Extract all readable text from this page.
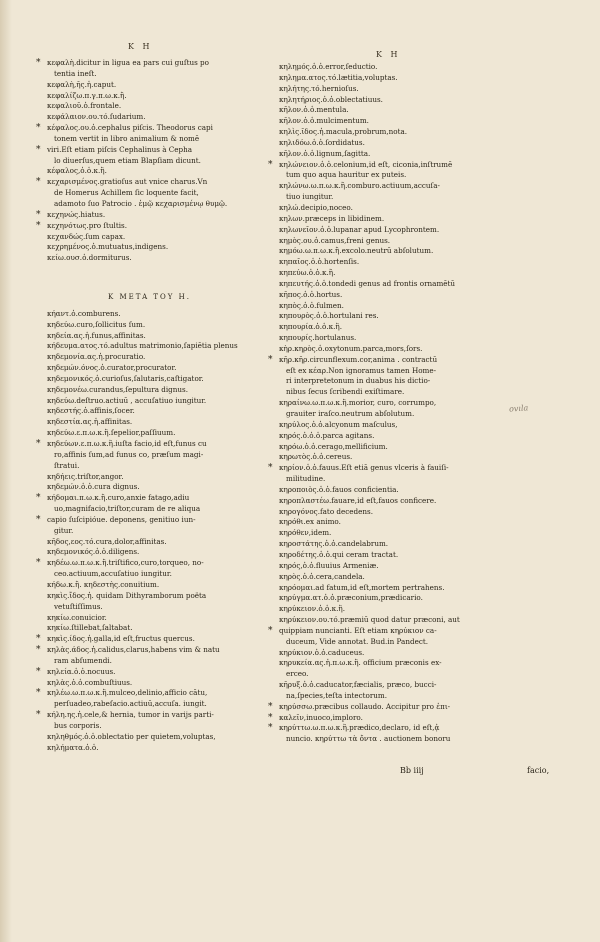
K H
K H
* κεφαλὴ.dicitur in ligua ea pars cui guſtus po
tentia ineſt.
κεφαλὴ,ῆς.ἡ.caput.
κεφαλίζω.π.γ.π.ω.κ.ἢ.
κεφαλιοῦ.ὁ.frontale.
κεφάλαιον.ου.τό.ſudarium.
* κέφαλος.ου.ὁ.cephalus piſcis. Theodorus capi
tonem vertit in libro animalium & nomē
* viri.Eſt etiam piſcis Cephalinus à Cepha
lo diuerſus,quem etiam Blapſiam dicunt.
κέφαλος,ὁ.ὁ.κ.ἢ.
* κεχαρισμένος.gratioſus aut vnice charus.Vn
de Homerus Achillem ſic loquente facit,
adamoto ſuo Patrocio . ἐμῷ κεχαρισμένῳ θυμῷ.
* κεχηνώς.hiatus.
* κεχηνότως.pro ſtultis.
κεχανδώς.ſum capax.
κεχρημένος.ὁ.mutuatus,indigens.
κείω.ουσ.ὁ.dormiturus.
K META TOY H.
κήαντ.ὁ.comburens.
κηδεύω.curo,ſollicitus ſum.
κηδεία.ας.ἡ.funus,affinitas.
κήδευμα.ατος.τό.adultus matrimonio,ſapiētia plenus
κηδεμονία.ας.ἡ.procuratio.
κηδεμών.όνος.ὁ.curator,procurator.
κηδεμονικός.ὁ.curioſus,ſalutaris,caſtigator.
κηδεμονέω.curandus,ſepultura dignus.
κηδεύω.deſtruo.actiuū , accuſatiuo iungitur.
κηδεστής.ὁ.affinis,ſocer.
κηδεστία.ας.ἡ.affinitas.
κηδεύω.ε.π.ω.κ.ἢ.ſepelior,paſſiuum.
* κηδεύων.ε.π.ω.κ.ἢ.iuſta facio,id eſt,funus cu
ro,affinis ſum,ad funus co, præſum magi-
ſtratui.
κηδήεις.triſtor,angor.
κηδεμών.ὁ.ὁ.cura dignus.
* κήδομαι.π.ω.κ.ἢ.curo,anxie fatago,adiu
uo,magnifacio,triſtor,curam de re aliqua
* capio ſuſcipióue. deponens, genitiuo iun-
gitur.
κῆδος,εος.τό.cura,dolor,affinitas.
κηδεμονικός.ὁ.ὁ.diligens.
* κηδέω.ω.π.ω.κ.ἢ.triſtifico,curo,torqueo, no-
ceo.actiuum,accuſatiuo iungitur.
κήδω.κ.ἢ. κηδεστὴς.conuitium.
κηκὶς.ἴδος.ἡ. quidam Dithyramborum poëta
vetuſtiſſimus.
κηκίω.conuicior.
κηκίω.ſtillebat,ſaltabat.
* κηκὶς.ίδος.ἡ.galla,id eſt,fructus quercus.
* κηλὰς.άδος.ἡ.calidus,clarus,habens vim & natu
ram abſumendi.
* κηλεία.ὁ.ὁ.nocuus.
κηλὰς.ὁ.ὁ.combuſtiuus.
* κηλέω.ω.π.ω.κ.ἢ.mulceo,delinio,afficio cātu,
perſuadeo,rabeſacio.actiuū,accuſa. iungit.
* κήλη.ης.ἡ.cele,& hernia, tumor in varijs parti-
bus corporis.
κηληθμός.ὁ.ὁ.oblectatio per quietem,voluptas,
κηλήματα.ὁ.ὁ.
κηλημός.ὁ.ὁ.error,ſeductio.
κηλημα.ατος.τό.lætitia,voluptas.
κηλήτης.τό.hernioſus.
κηλητήριος.ὁ.ὁ.oblectatiuus.
κῆλον.ὁ.ὁ.mentula.
κῆλον.ὁ.ὁ.mulcimentum.
κηλὶς.ῖδος.ἡ.macula,probrum,nota.
κηλιδόω.ὁ.ὁ.ſordidatus.
κῆλον.ὁ.ὁ.lignum,ſagitta.
* κηλώνειον.ὁ.ὁ.celonium,id eſt, ciconia,inſtrumē
tum quo aqua hauritur ex puteis.
κηλώνω.ω.π.ω.κ.ἢ.comburo.actiuum,accuſa-
tiuo iungitur.
κηλώ.decipio,noceo.
κηλων.præceps in libidinem.
κηλωνεῖον.ὁ.ὁ.lupanar apud Lycophrontem.
κημὸς.ου.ὁ.camus,freni genus.
κημόω.ω.π.ω.κ.ἢ.excolo.neutrū abſolutum.
κηπαῖος.ὁ.ὁ.hortenſis.
κηπεύω.ὁ.ὁ.κ.ἢ.
κηπευτής.ὁ.ὁ.tondedi genus ad frontis ornamētū
κῆπος.ὁ.ὁ.hortus.
κηπὸς.ὁ.ὁ.fulmen.
κηπουρὸς.ὁ.ὁ.hortulani res.
κηπουρία.ὁ.ὁ.κ.ἢ.
κηπουρίς.hortulanus.
κὴρ.κηρὸς.ὁ.oxytonum.parca,mors,ſors.
* κῆρ.κῆρ.circunflexum.cor,anima . contractū
eſt ex κέαρ.Non ignoramus tamen Home-
ri interpretetonum in duabus his dictio-
nibus ſecus ſcribendi exiſtimare.
κηραίνω.ω.π.ω.κ.ἢ.morior, curo, corrumpo,
grauiter iraſco.neutrum abſolutum.
κηρύλος.ὁ.ὁ.alcyonum maſculus,
κηρός.ὁ.ὁ.ὁ.parca agitans.
κηρόω.ὁ.ὁ.cerago,mellificium.
κηρωτὸς.ὁ.ὁ.cereus.
* κηρίον.ὁ.ὁ.fauus.Eſt etiā genus vlceris à fauiſi-
militudine.
κηροποιὸς.ὁ.ὁ.fauos conficientia.
κηροπλαστέω.fauare,id eſt,fauos conficere.
κηρογόνος.fato decedens.
κηρόθι.ex animo.
κηρόθεν,idem.
κηροστάτης.ὁ.ὁ.candelabrum.
κηροδέτης.ὁ.ὁ.qui ceram tractat.
κηρός,ὁ.ὁ.fluuius Armeniæ.
κηρὸς.ὁ.ὁ.cera,candela.
κηρόομαι.ad fatum,id eſt,mortem pertrahens.
κηρύγμα.ατ.ὁ.ὁ.præconium,prædicario.
κηρύκειον.ὁ.ὁ.κ.ἢ.
κηρύκειον.ου.τό.præmiū quod datur præconi, aut
* quippiam nuncianti. Eſt etiam κηρύκιον ca-
duceum, Vide annotat. Bud.in Pandect.
κηρύκιον.ὁ.ὁ.caduceus.
κηρυκεία.ας.ἡ.π.ω.κ.ἢ. officium præconis ex-
erceo.
κῆρυξ.ὁ.ὁ.caducator,fæcialis, præco, bucci-
na,ſpecies,teſta intectorum.
* κηρύσσω.præcibus collaudo. Accipitur pro ἐπι-
* καλεῖν,inuoco,imploro.
* κηρύττω.ω.π.ω.κ.ἢ.prædico,declaro, id eſt,ᾀ
nuncio. κηρύττω τὰ ὄντα . auctionem bonoru
ovıla
Bb iiij	facio,
